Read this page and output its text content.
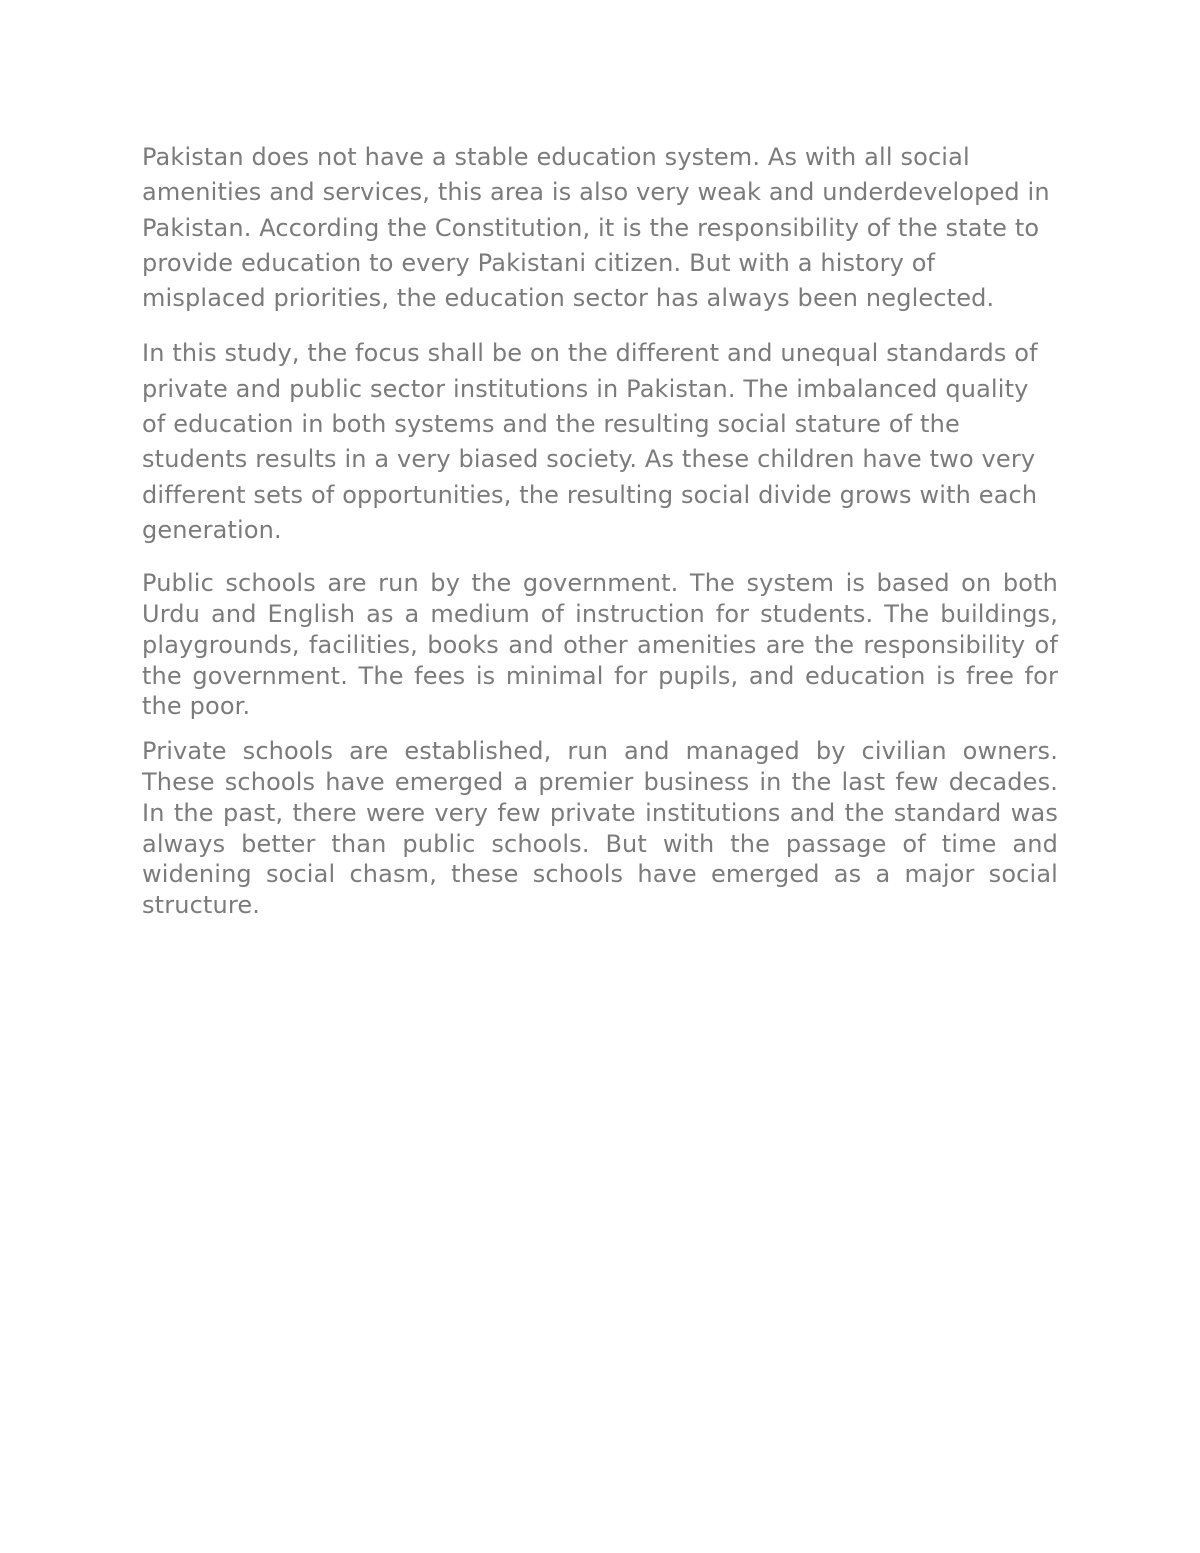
Pakistan does not have a stable education system. As with all social amenities and services, this area is also very weak and underdeveloped in Pakistan. According the Constitution, it is the responsibility of the state to provide education to every Pakistani citizen. But with a history of misplaced priorities, the education sector has always been neglected.

In this study, the focus shall be on the different and unequal standards of private and public sector institutions in Pakistan. The imbalanced quality of education in both systems and the resulting social stature of the students results in a very biased society. As these children have two very different sets of opportunities, the resulting social divide grows with each generation.

Public schools are run by the government. The system is based on both Urdu and English as a medium of instruction for students. The buildings, playgrounds, facilities, books and other amenities are the responsibility of the government. The fees is minimal for pupils, and education is free for the poor.

Private schools are established, run and managed by civilian owners. These schools have emerged a premier business in the last few decades. In the past, there were very few private institutions and the standard was always better than public schools. But with the passage of time and widening social chasm, these schools have emerged as a major social structure.
